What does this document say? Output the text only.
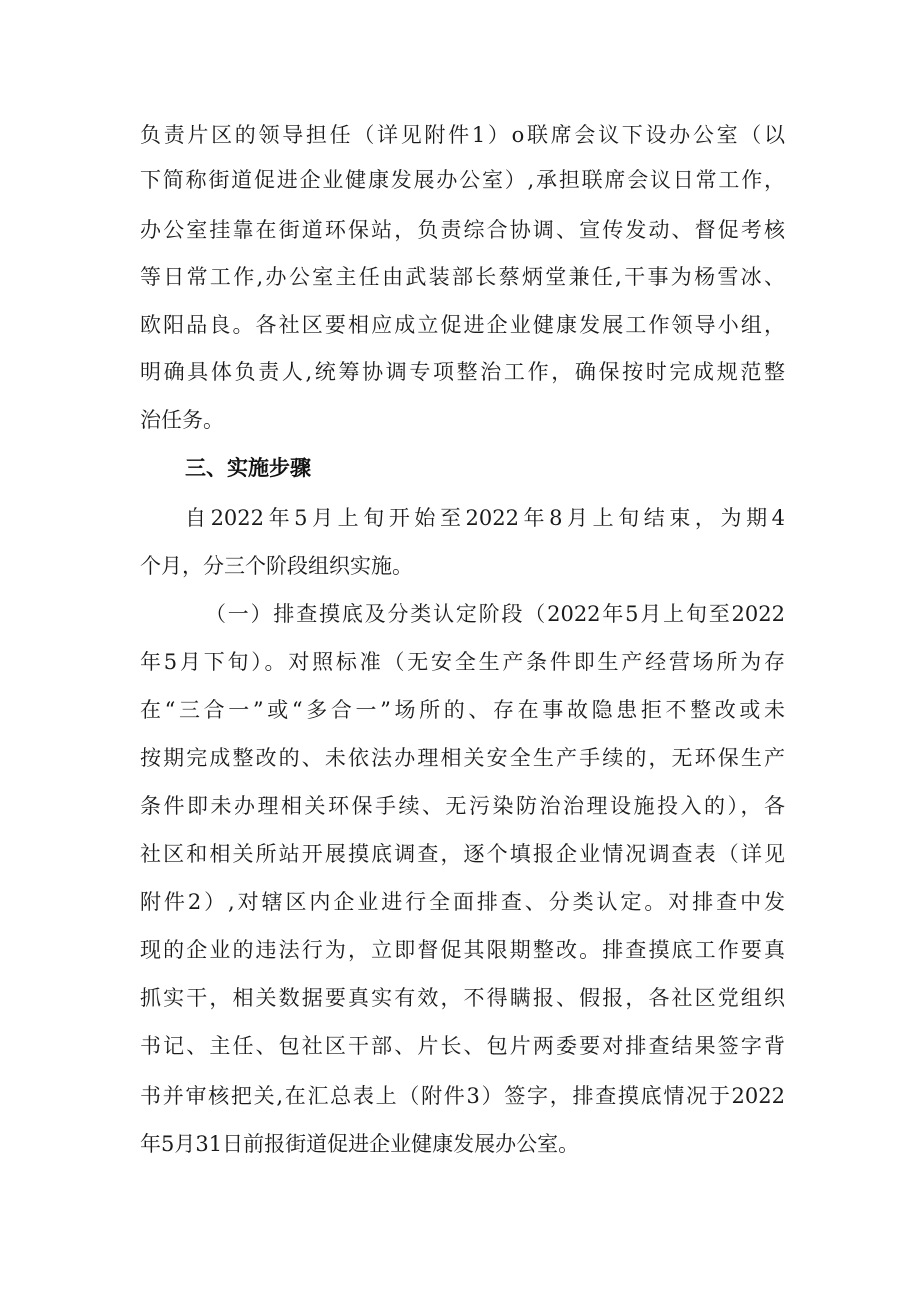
负责片区的领导担任（详见附件1）o联席会议下设办公室（以
下简称街道促进企业健康发展办公室）,承担联席会议日常工作，
办公室挂靠在街道环保站，负责综合协调、宣传发动、督促考核
等日常工作,办公室主任由武装部长蔡炳堂兼任,干事为杨雪冰、
欧阳品良。各社区要相应成立促进企业健康发展工作领导小组，
明确具体负责人,统筹协调专项整治工作，确保按时完成规范整
治任务。
三、实施步骤
自2022年5月上旬开始至2022年8月上旬结束，为期4
个月，分三个阶段组织实施。
（一）排查摸底及分类认定阶段（2022年5月上旬至2022
年5月下旬）。对照标准（无安全生产条件即生产经营场所为存
在“三合一”或“多合一”场所的、存在事故隐患拒不整改或未
按期完成整改的、未依法办理相关安全生产手续的，无环保生产
条件即未办理相关环保手续、无污染防治治理设施投入的），各
社区和相关所站开展摸底调查，逐个填报企业情况调查表（详见
附件2）,对辖区内企业进行全面排查、分类认定。对排查中发
现的企业的违法行为，立即督促其限期整改。排查摸底工作要真
抓实干，相关数据要真实有效，不得瞒报、假报，各社区党组织
书记、主任、包社区干部、片长、包片两委要对排查结果签字背
书并审核把关,在汇总表上（附件3）签字，排查摸底情况于2022
年5月31日前报街道促进企业健康发展办公室。
